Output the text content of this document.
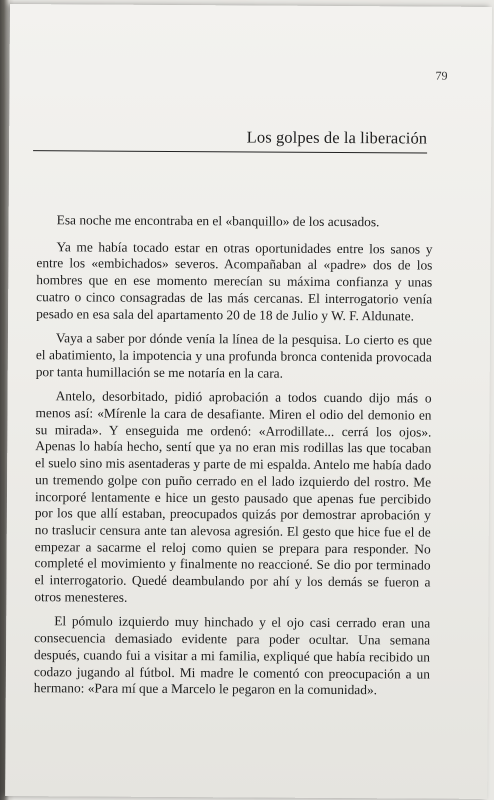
79
Los golpes de la liberación

Esa noche me encontraba en el «banquillo» de los acusados.

Ya me había tocado estar en otras oportunidades entre los sanos y entre los «embichados» severos. Acompañaban al «padre» dos de los hombres que en ese momento merecían su máxima confianza y unas cuatro o cinco consagradas de las más cercanas. El interrogatorio venía pesado en esa sala del apartamento 20 de 18 de Julio y W. F. Aldunate.

Vaya a saber por dónde venía la línea de la pesquisa. Lo cierto es que el abatimiento, la impotencia y una profunda bronca contenida provocada por tanta humillación se me notaría en la cara.

Antelo, desorbitado, pidió aprobación a todos cuando dijo más o menos así: «Mírenle la cara de desafiante. Miren el odio del demonio en su mirada». Y enseguida me ordenó: «Arrodillate... cerrá los ojos». Apenas lo había hecho, sentí que ya no eran mis rodillas las que tocaban el suelo sino mis asentaderas y parte de mi espalda. Antelo me había dado un tremendo golpe con puño cerrado en el lado izquierdo del rostro. Me incorporé lentamente e hice un gesto pausado que apenas fue percibido por los que allí estaban, preocupados quizás por demostrar aprobación y no traslucir censura ante tan alevosa agresión. El gesto que hice fue el de empezar a sacarme el reloj como quien se prepara para responder. No completé el movimiento y finalmente no reaccioné. Se dio por terminado el interrogatorio. Quedé deambulando por ahí y los demás se fueron a otros menesteres.

El pómulo izquierdo muy hinchado y el ojo casi cerrado eran una consecuencia demasiado evidente para poder ocultar. Una semana después, cuando fui a visitar a mi familia, expliqué que había recibido un codazo jugando al fútbol. Mi madre le comentó con preocupación a un hermano: «Para mí que a Marcelo le pegaron en la comunidad».
